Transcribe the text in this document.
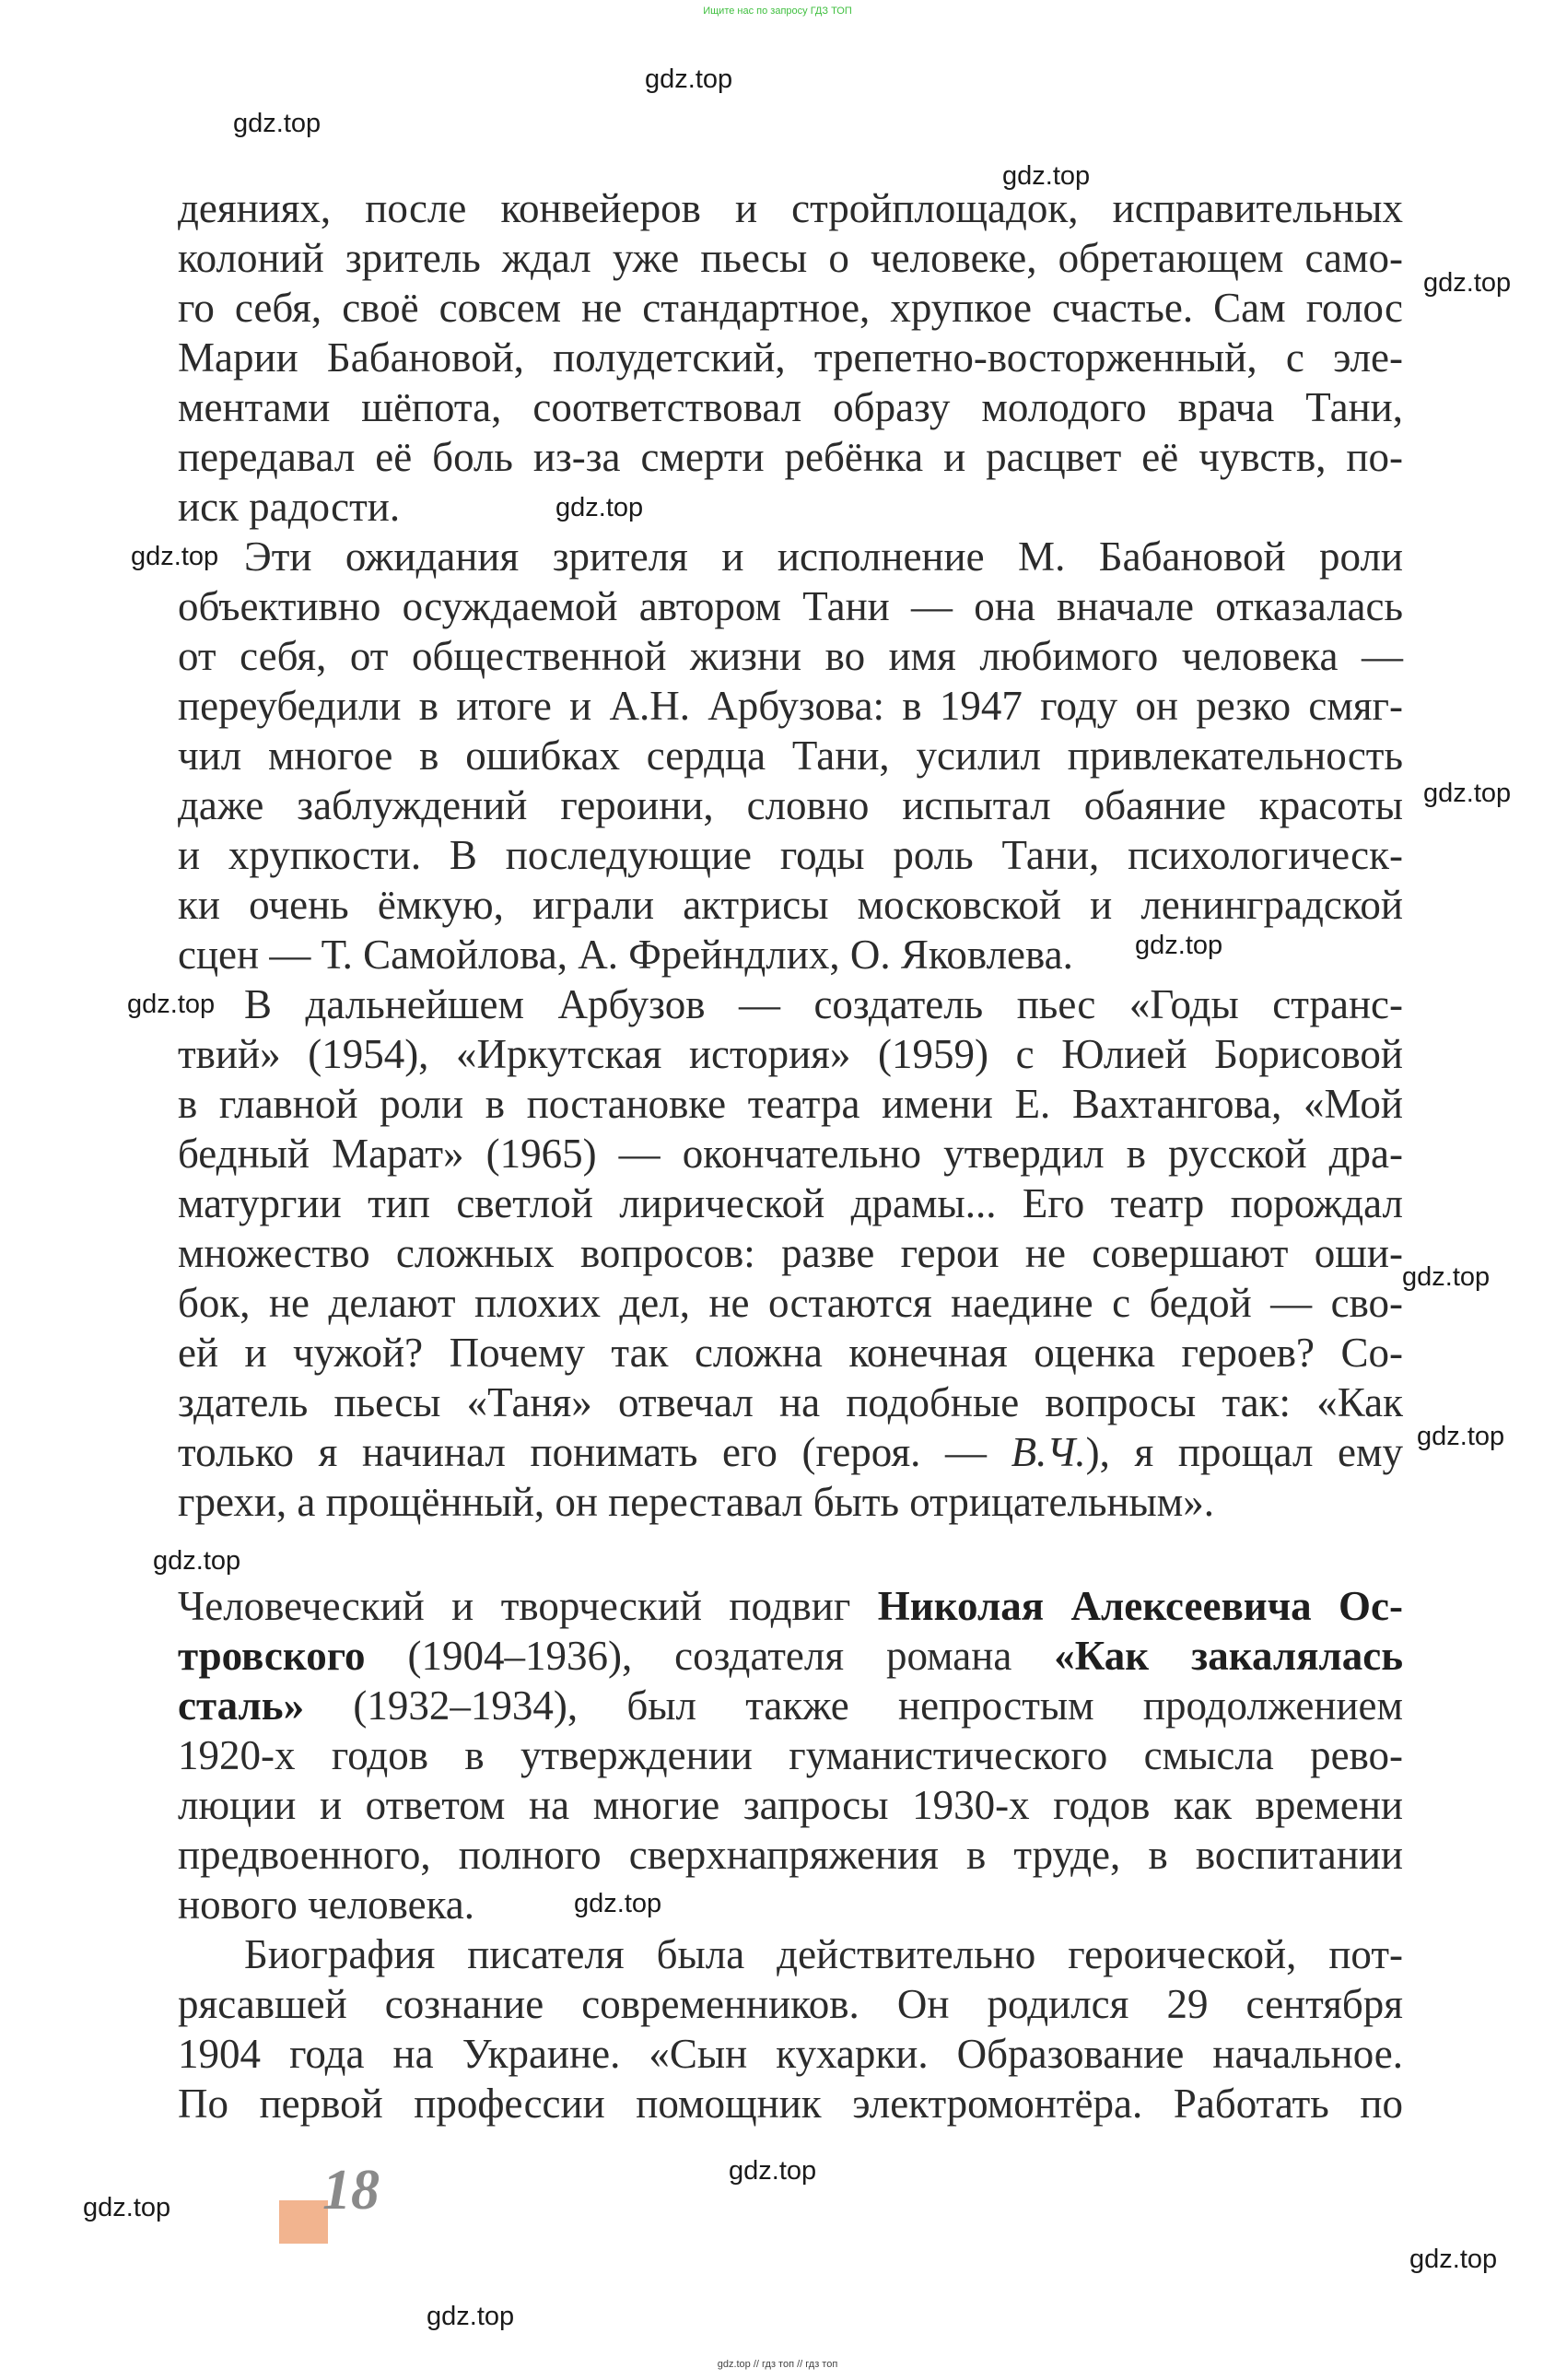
Ищите нас по запросу ГДЗ ТОП
gdz.top
gdz.top
gdz.top
gdz.top
gdz.top
gdz.top
gdz.top
gdz.top
gdz.top
gdz.top
gdz.top
gdz.top
gdz.top
gdz.top
gdz.top
gdz.top
gdz.top
деяниях, после конвейеров и стройплощадок, исправительных
колоний зритель ждал уже пьесы о человеке, обретающем само-
го себя, своё совсем не стандартное, хрупкое счастье. Сам голос
Марии Бабановой, полудетский, трепетно-восторженный, с эле-
ментами шёпота, соответствовал образу молодого врача Тани,
передавал её боль из-за смерти ребёнка и расцвет её чувств, по-
иск радости.
Эти ожидания зрителя и исполнение М. Бабановой роли
объективно осуждаемой автором Тани — она вначале отказалась
от себя, от общественной жизни во имя любимого человека —
переубедили в итоге и А.Н. Арбузова: в 1947 году он резко смяг-
чил многое в ошибках сердца Тани, усилил привлекательность
даже заблуждений героини, словно испытал обаяние красоты
и хрупкости. В последующие годы роль Тани, психологическ-
ки очень ёмкую, играли актрисы московской и ленинградской
сцен — Т. Самойлова, А. Фрейндлих, О. Яковлева.
В дальнейшем Арбузов — создатель пьес «Годы странс-
твий» (1954), «Иркутская история» (1959) с Юлией Борисовой
в главной роли в постановке театра имени Е. Вахтангова, «Мой
бедный Марат» (1965) — окончательно утвердил в русской дра-
матургии тип светлой лирической драмы... Его театр порождал
множество сложных вопросов: разве герои не совершают оши-
бок, не делают плохих дел, не остаются наедине с бедой — сво-
ей и чужой? Почему так сложна конечная оценка героев? Со-
здатель пьесы «Таня» отвечал на подобные вопросы так: «Как
только я начинал понимать его (героя. — В.Ч.), я прощал ему
грехи, а прощённый, он переставал быть отрицательным».
Человеческий и творческий подвиг Николая Алексеевича Ос-
тровского (1904–1936), создателя романа «Как закалялась
сталь» (1932–1934), был также непростым продолжением
1920-х годов в утверждении гуманистического смысла рево-
люции и ответом на многие запросы 1930-х годов как времени
предвоенного, полного сверхнапряжения в труде, в воспитании
нового человека.
Биография писателя была действительно героической, пот-
рясавшей сознание современников. Он родился 29 сентября
1904 года на Украине. «Сын кухарки. Образование начальное.
По первой профессии помощник электромонтёра. Работать по
18
gdz.top // гдз топ // гдз топ
